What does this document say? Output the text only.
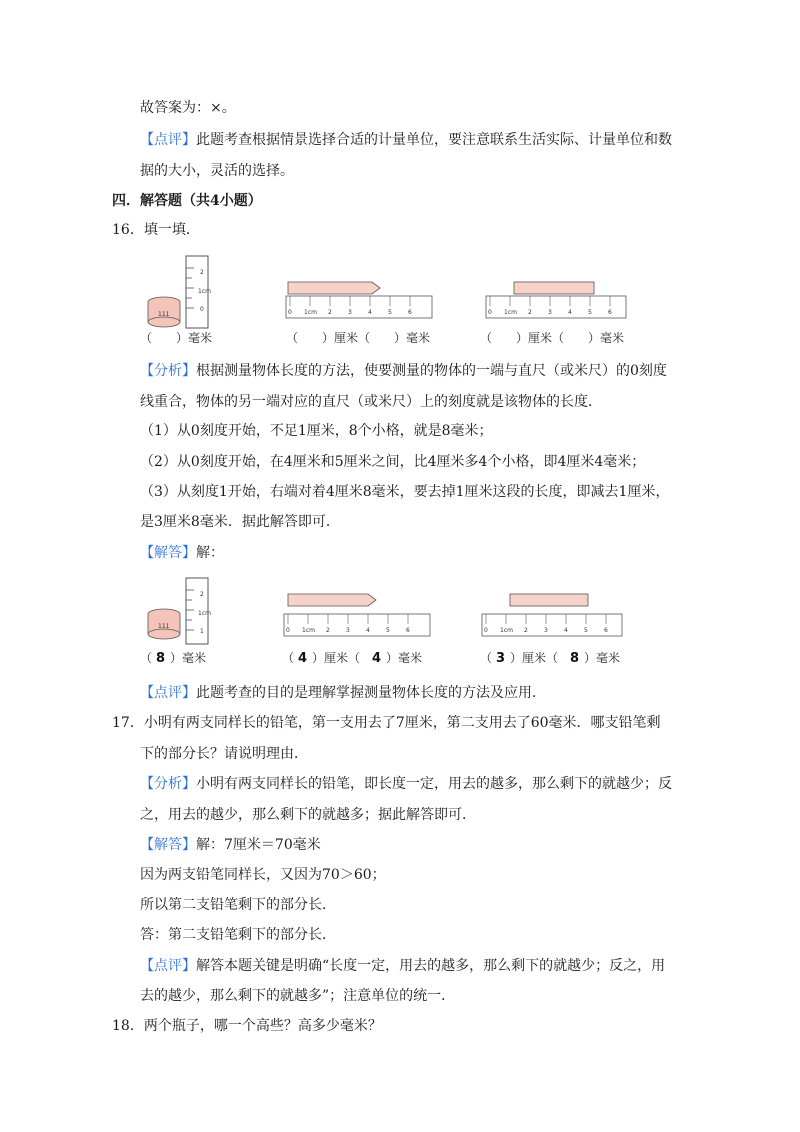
故答案为：×。
【点评】此题考查根据情景选择合适的计量单位，要注意联系生活实际、计量单位和数
据的大小，灵活的选择。
四．解答题（共4小题）
16．填一填．
2
1cm
0
111
（　　）毫米
0 1cm 2	3	4	5	6
（　　）厘米（　　）毫米
0 1cm 2	3	4	5	6
（　　）厘米（　　）毫米
【分析】根据测量物体长度的方法，使要测量的物体的一端与直尺（或米尺）的0刻度
线重合，物体的另一端对应的直尺（或米尺）上的刻度就是该物体的长度．
（1）从0刻度开始，不足1厘米，8个小格，就是8毫米；
（2）从0刻度开始，在4厘米和5厘米之间，比4厘米多4个小格，即4厘米4毫米；
（3）从刻度1开始，右端对着4厘米8毫米，要去掉1厘米这段的长度，即减去1厘米，
是3厘米8毫米．据此解答即可．
【解答】解：
2
1cm
1
111
（ 8 ）毫米
0 1cm 2	3	4	5	6
（ 4 ）厘米（ 4 ）毫米
0 1cm 2	3	4	5	6
（ 3 ）厘米（ 8 ）毫米
【点评】此题考查的目的是理解掌握测量物体长度的方法及应用．
17．小明有两支同样长的铅笔，第一支用去了7厘米，第二支用去了60毫米．哪支铅笔剩
下的部分长？请说明理由．
【分析】小明有两支同样长的铅笔，即长度一定，用去的越多，那么剩下的就越少；反
之，用去的越少，那么剩下的就越多；据此解答即可．
【解答】解：7厘米＝70毫米
因为两支铅笔同样长，又因为70＞60；
所以第二支铅笔剩下的部分长．
答：第二支铅笔剩下的部分长．
【点评】解答本题关键是明确“长度一定，用去的越多，那么剩下的就越少；反之，用
去的越少，那么剩下的就越多”；注意单位的统一．
18．两个瓶子，哪一个高些？高多少毫米？
